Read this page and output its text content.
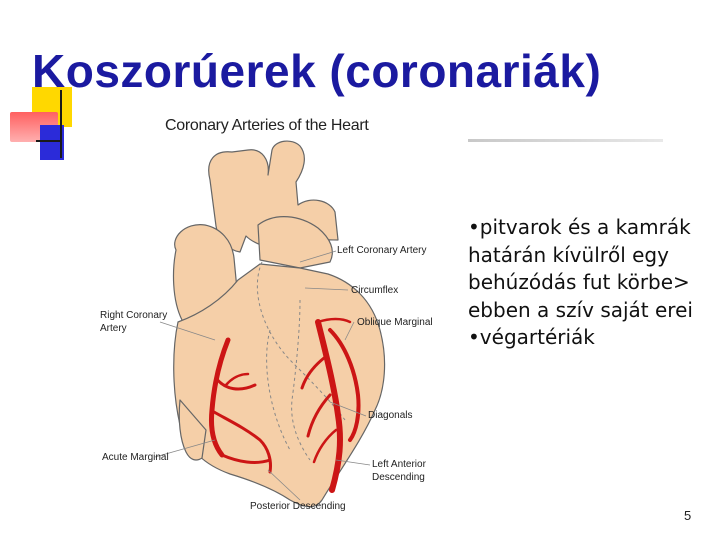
Koszorúerek (coronariák)
Coronary Arteries of the Heart
Left Coronary Artery
Circumflex
Right Coronary
Artery
Oblique Marginal
Diagonals
Acute Marginal
Left Anterior
Descending
Posterior Descending
•pitvarok és a kamrák határán kívülről egy behúzódás fut körbe> ebben a szív saját erei
•végartériák
5
